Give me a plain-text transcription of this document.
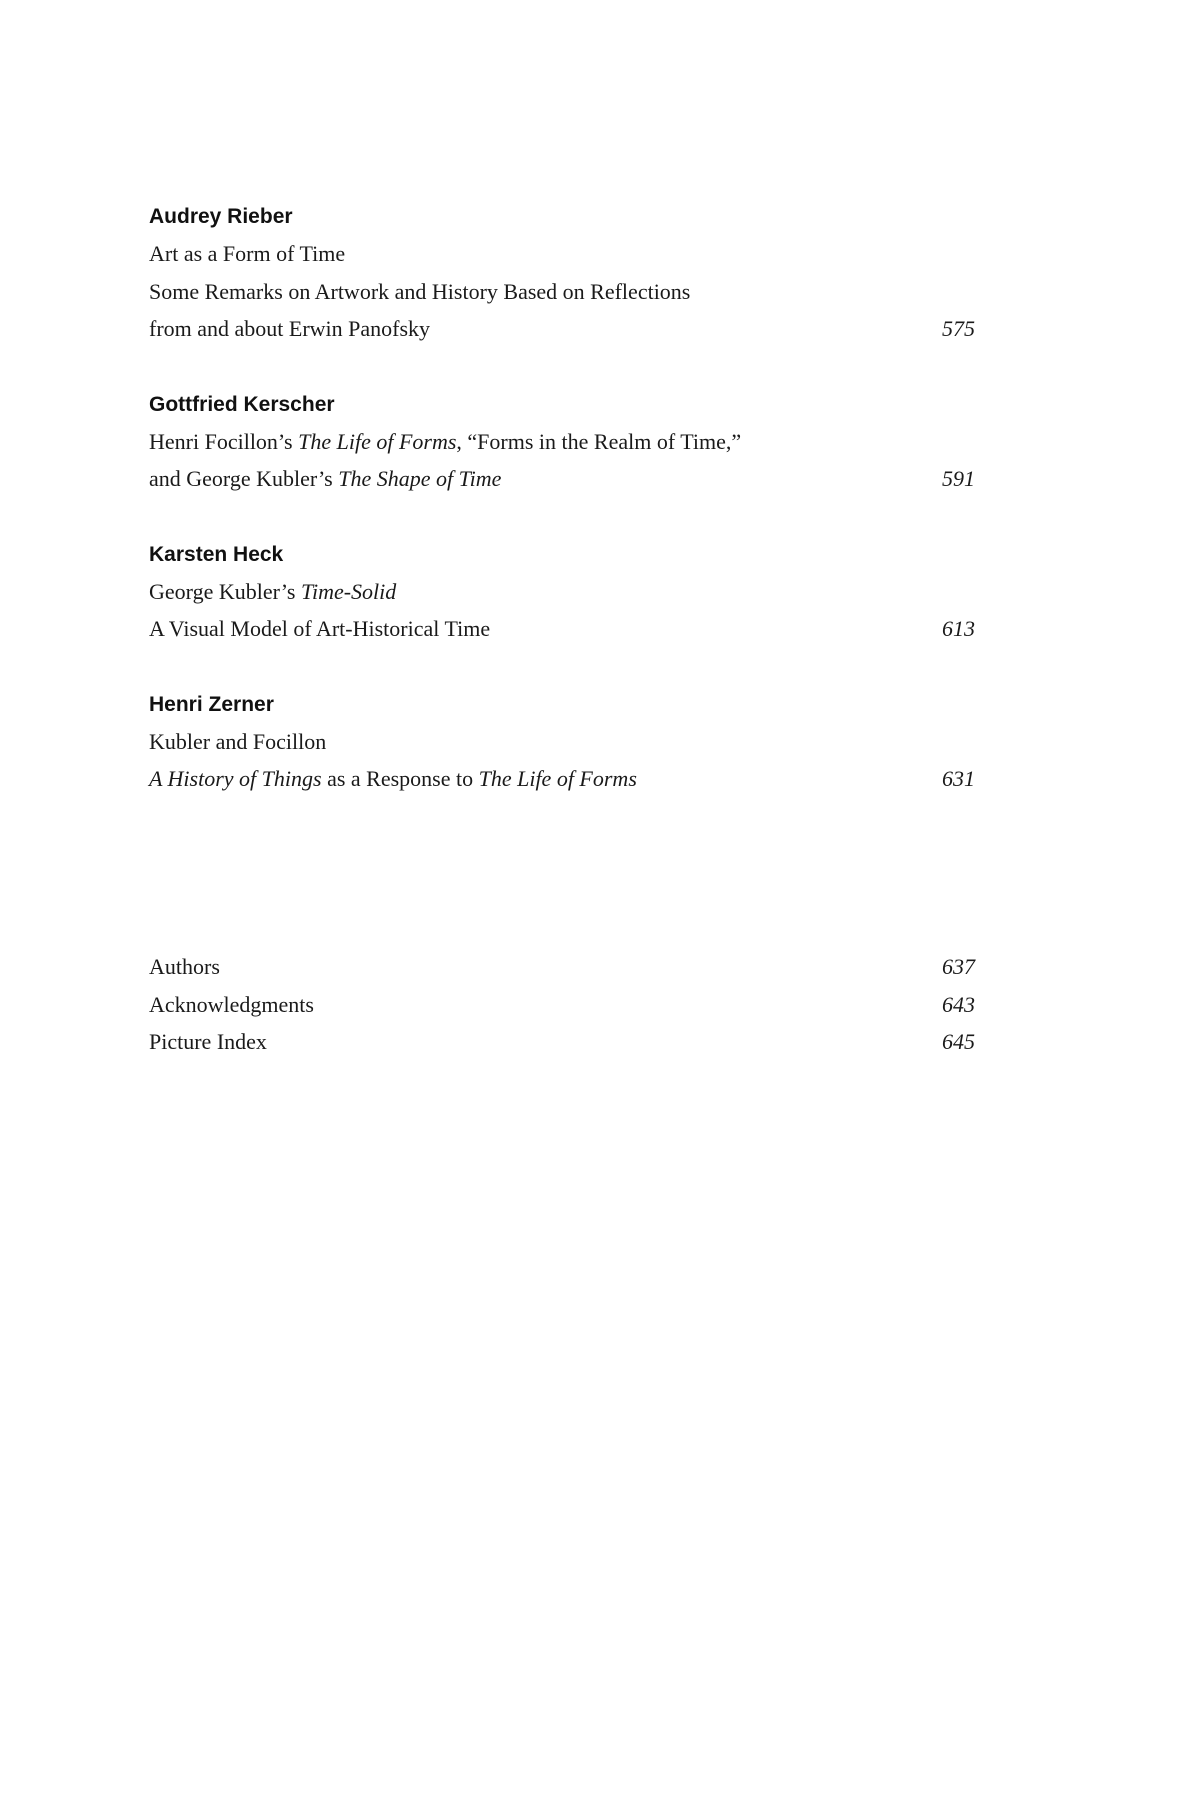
Audrey Rieber
Art as a Form of Time
Some Remarks on Artwork and History Based on Reflections
from and about Erwin Panofsky	575
Gottfried Kerscher
Henri Focillon’s The Life of Forms, “Forms in the Realm of Time,”
and George Kubler’s The Shape of Time	591
Karsten Heck
George Kubler’s Time-Solid
A Visual Model of Art-Historical Time	613
Henri Zerner
Kubler and Focillon
A History of Things as a Response to The Life of Forms	631
Authors	637
Acknowledgments	643
Picture Index	645
